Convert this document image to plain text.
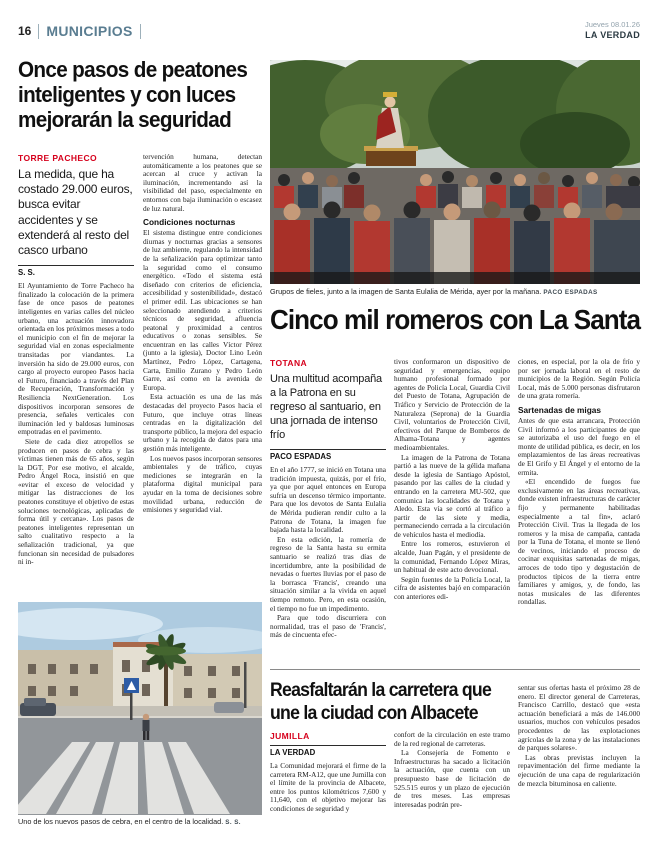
16 MUNICIPIOS	Jueves 08.01.26
LA VERDAD
Once pasos de peatones
inteligentes y con luces
mejorarán la seguridad
TORRE PACHECO
La medida, que ha costado 29.000 euros, busca evitar accidentes y se extenderá al resto del casco urbano
S. S.

El Ayuntamiento de Torre Pacheco ha finalizado la colocación de la primera fase de once pasos de peatones inteligentes en varias calles del núcleo urbano, una actuación innovadora orientada en los próximos meses a todo el municipio con el fin de mejorar la seguridad vial en zonas especialmente transitadas por viandantes. La inversión ha sido de 29.000 euros, con cargo al proyecto europeo Pasos hacia el Futuro, financiado a través del Plan de Recuperación, Transformación y Resiliencia NextGeneration. Los dispositivos incorporan sensores de presencia, señales verticales con iluminación led y baldosas luminosas empotradas en el pavimento.

Siete de cada diez atropellos se producen en pasos de cebra y las víctimas tienen más de 65 años, según la DGT. Por ese motivo, el alcalde, Pedro Ángel Roca, insistió en que «evitar el exceso de velocidad y mitigar las distracciones de los peatones constituye el objetivo de estas soluciones tecnológicas, aplicadas de forma útil y cercana». Los pasos de peatones inteligentes representan un salto cualitativo respecto a la señalización tradicional, ya que funcionan sin necesidad de pulsadores ni in-

tervención humana, detectan automáticamente a los peatones que se acercan al cruce y activan la iluminación, incrementando así la visibilidad del paso, especialmente en entornos con baja iluminación o escasez de luz natural.

Condiciones nocturnas

El sistema distingue entre condiciones diurnas y nocturnas gracias a sensores de luz ambiente, regulando la intensidad de la señalización para optimizar tanto la seguridad como el consumo energético. «Todo el sistema está diseñado con criterios de eficiencia, accesibilidad y sostenibilidad», destacó el primer edil. Las ubicaciones se han seleccionado atendiendo a criterios técnicos de seguridad, afluencia peatonal y proximidad a centros educativos o zonas sensibles. Se encuentran en las calles Víctor Pérez (junto a la iglesia), Doctor Lino León Martínez, Pedro López, Cartagena, Carta, Emilio Zurano y Pedro León Garre, así como en la avenida de Europa.

Esta actuación es una de las más destacadas del proyecto Pasos hacia el Futuro, que incluye otras líneas centradas en la digitalización del transporte público, la mejora del espacio urbano y la recogida de datos para una gestión más inteligente.

Los nuevos pasos incorporan sensores ambientales y de tráfico, cuyas mediciones se integrarán en la plataforma digital municipal para ayudar en la toma de decisiones sobre movilidad urbana, reducción de emisiones y seguridad vial.

Uno de los nuevos pasos de cebra, en el centro de la localidad. S. S.
Grupos de fieles, junto a la imagen de Santa Eulalia de Mérida, ayer por la mañana. PACO ESPADAS
Cinco mil romeros con La Santa
TOTANA
Una multitud acompaña a la Patrona en su regreso al santuario, en una jornada de intenso frío
PACO ESPADAS

En el año 1777, se inició en Totana una tradición impuesta, quizás, por el frío, ya que por aquel entonces en Europa sufría un descenso térmico importante. Para que los devotos de Santa Eulalia de Mérida pudieran rendir culto a la Patrona de Totana, la imagen fue bajada hasta la localidad.

En esta edición, la romería de regreso de la Santa hasta su ermita santuario se realizó tras días de incertidumbre, ante la posibilidad de nevadas o fuertes lluvias por el paso de la borrasca 'Francis', creando una situación similar a la vivida en aquel tiempo remoto. Pero, en esta ocasión, el tiempo no fue un impedimento.

Para que todo discurriera con normalidad, tras el paso de 'Francis', más de cincuenta efec-

tivos conformaron un dispositivo de seguridad y emergencias, equipo humano profesional formado por agentes de Policía Local, Guardia Civil del Puesto de Totana, Agrupación de Tráfico y Servicio de Protección de la Naturaleza (Seprona) de la Guardia Civil, voluntarios de Protección Civil, efectivos del Parque de Bomberos de Alhama-Totana y agentes medioambientales.

La imagen de la Patrona de Totana partió a las nueve de la gélida mañana desde la iglesia de Santiago Apóstol, pasando por las calles de la ciudad y entrando en la carretera MU-502, que comunica las localidades de Totana y Aledo. Esta vía se cortó al tráfico a partir de las siete y media, permaneciendo cerrada a la circulación de vehículos hasta el mediodía.

Entre los romeros, estuvieron el alcalde, Juan Pagán, y el presidente de la comunidad, Fernando López Miras, un habitual de este acto devocional.

Según fuentes de la Policía Local, la cifra de asistentes bajó en comparación con anteriores edi-

ciones, en especial, por la ola de frío y por ser jornada laboral en el resto de municipios de la Región. Según Policía Local, más de 5.000 personas disfrutaron de una grata romería.

Sartenadas de migas

Antes de que esta arrancara, Protección Civil informó a los participantes de que se autorizaba el uso del fuego en el monte de utilidad pública, es decir, en los emplazamientos de las áreas recreativas de El Grifo y El Ángel y el entorno de la ermita.

«El encendido de fuegos fue exclusivamente en las áreas recreativas, donde existen infraestructuras de carácter fijo y permanente habilitadas especialmente a tal fin», aclaró Protección Civil. Tras la llegada de los romeros y la misa de campaña, cantada por la Tuna de Totana, el monte se llenó de vecinos, iniciando el proceso de cocinar exquisitas sartenadas de migas, arroces de todo tipo y degustación de productos típicos de la tierra entre familiares y amigos, y, de fondo, las notas musicales de las diferentes rondallas.

Reasfaltarán la carretera que
une la ciudad con Albacete
JUMILLA
LA VERDAD

La Comunidad mejorará el firme de la carretera RM-A12, que une Jumilla con el límite de la provincia de Albacete, entre los puntos kilométricos 7,600 y 11,640, con el objetivo mejorar las condiciones de seguridad y

confort de la circulación en este tramo de la red regional de carreteras.

La Consejería de Fomento e Infraestructuras ha sacado a licitación la actuación, que cuenta con un presupuesto base de licitación de 525.515 euros y un plazo de ejecución de tres meses. Las empresas interesadas podrán pre-

sentar sus ofertas hasta el próximo 28 de enero. El director general de Carreteras, Francisco Carrillo, destacó que «esta actuación beneficiará a más de 146.000 usuarios, muchos con vehículos pesados procedentes de las explotaciones agrícolas de la zona y de las instalaciones de parques solares».

Las obras previstas incluyen la repavimentación del firme mediante la ejecución de una capa de regularización de mezcla bituminosa en caliente.
